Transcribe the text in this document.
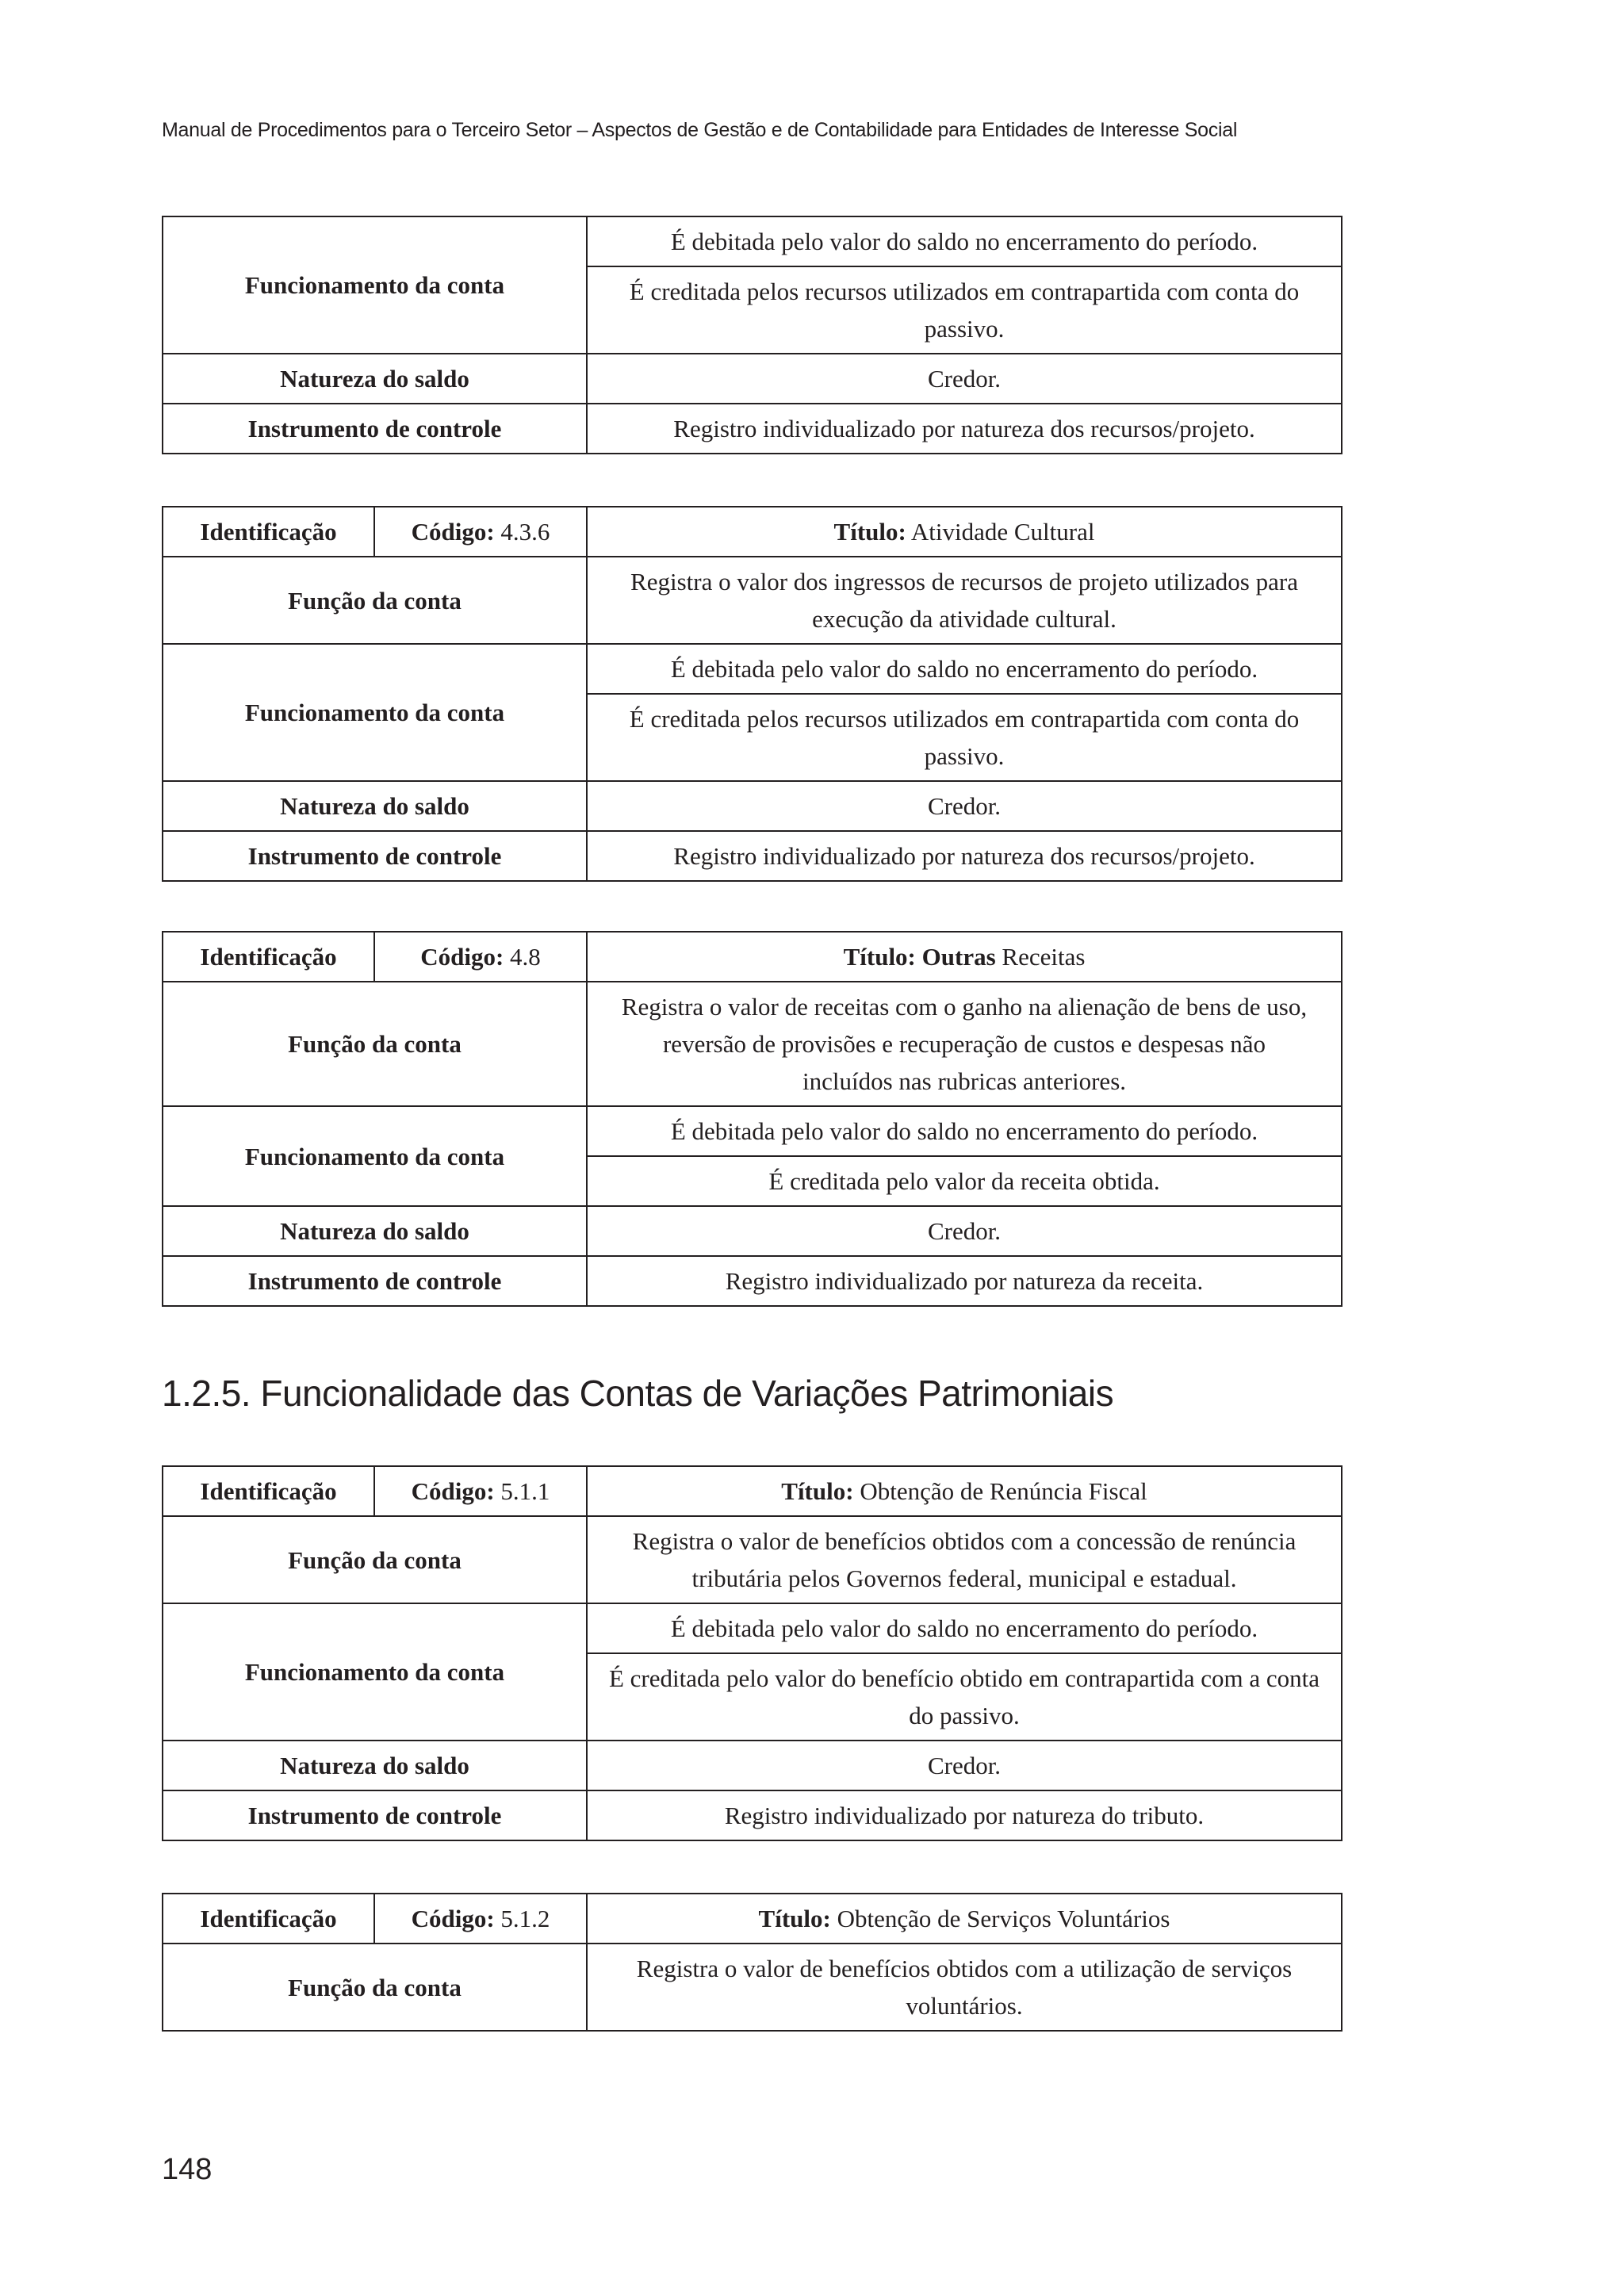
Manual de Procedimentos para o Terceiro Setor – Aspectos de Gestão e de Contabilidade para Entidades de Interesse Social
Funcionamento da conta	É debitada pelo valor do saldo no encerramento do período.
	É creditada pelos recursos utilizados em contrapartida com conta do passivo.
Natureza do saldo	Credor.
Instrumento de controle	Registro individualizado por natureza dos recursos/projeto.
Identificação	Código: 4.3.6	Título: Atividade Cultural
Função da conta		Registra o valor dos ingressos de recursos de projeto utilizados para execução da atividade cultural.
Funcionamento da conta		É debitada pelo valor do saldo no encerramento do período.
		É creditada pelos recursos utilizados em contrapartida com conta do passivo.
Natureza do saldo		Credor.
Instrumento de controle		Registro individualizado por natureza dos recursos/projeto.
Identificação	Código: 4.8	Título: Outras Receitas
Função da conta		Registra o valor de receitas com o ganho na alienação de bens de uso, reversão de provisões e recuperação de custos e despesas não incluídos nas rubricas anteriores.
Funcionamento da conta		É debitada pelo valor do saldo no encerramento do período.
		É creditada pelo valor da receita obtida.
Natureza do saldo		Credor.
Instrumento de controle		Registro individualizado por natureza da receita.
1.2.5. Funcionalidade das Contas de Variações Patrimoniais
Identificação	Código: 5.1.1	Título: Obtenção de Renúncia Fiscal
Função da conta		Registra o valor de benefícios obtidos com a concessão de renúncia tributária pelos Governos federal, municipal e estadual.
Funcionamento da conta		É debitada pelo valor do saldo no encerramento do período.
		É creditada pelo valor do benefício obtido em contrapartida com a conta do passivo.
Natureza do saldo		Credor.
Instrumento de controle		Registro individualizado por natureza do tributo.
Identificação	Código: 5.1.2	Título: Obtenção de Serviços Voluntários
Função da conta		Registra o valor de benefícios obtidos com a utilização de serviços voluntários.
148
